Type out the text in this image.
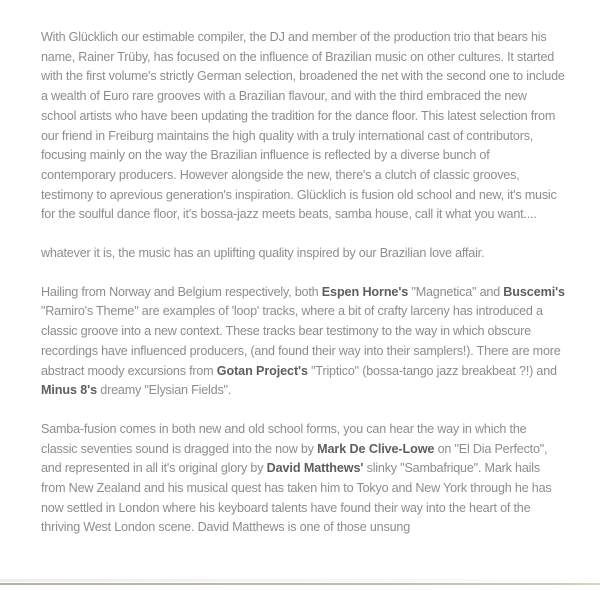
With Glücklich our estimable compiler, the DJ and member of the production trio that bears his name, Rainer Trüby, has focused on the influence of Brazilian music on other cultures. It started with the first volume's strictly German selection, broadened the net with the second one to include a wealth of Euro rare grooves with a Brazilian flavour, and with the third embraced the new school artists who have been updating the tradition for the dance floor. This latest selection from our friend in Freiburg maintains the high quality with a truly international cast of contributors, focusing mainly on the way the Brazilian influence is reflected by a diverse bunch of contemporary producers. However alongside the new, there's a clutch of classic grooves, testimony to aprevious generation's inspiration. Glücklich is fusion old school and new, it's music for the soulful dance floor, it's bossa-jazz meets beats, samba house, call it what you want....

whatever it is, the music has an uplifting quality inspired by our Brazilian love affair.

Hailing from Norway and Belgium respectively, both Espen Horne's "Magnetica" and Buscemi's "Ramiro's Theme" are examples of 'loop' tracks, where a bit of crafty larceny has introduced a classic groove into a new context. These tracks bear testimony to the way in which obscure recordings have influenced producers, (and found their way into their samplers!). There are more abstract moody excursions from Gotan Project's "Triptico" (bossa-tango jazz breakbeat ?!) and Minus 8's dreamy "Elysian Fields".

Samba-fusion comes in both new and old school forms, you can hear the way in which the classic seventies sound is dragged into the now by Mark De Clive-Lowe on "El Dia Perfecto", and represented in all it's original glory by David Matthews' slinky "Sambafrique". Mark hails from New Zealand and his musical quest has taken him to Tokyo and New York through he has now settled in London where his keyboard talents have found their way into the heart of the thriving West London scene. David Matthews is one of those unsung
